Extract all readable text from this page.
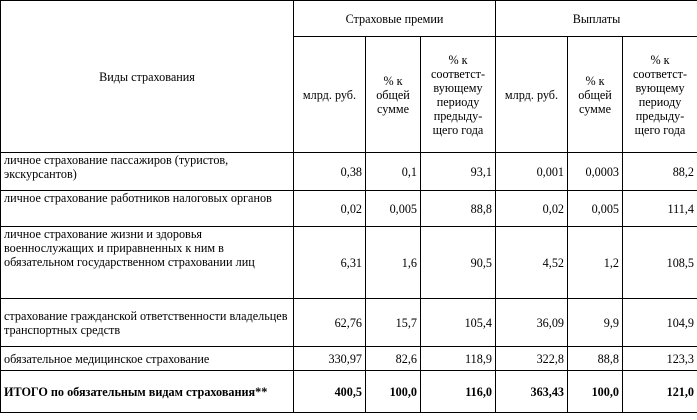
Виды страхования	Страховые премии			Выплаты		
	млрд. руб.	% к общей сумме	% к соответст-вующему периоду предыду-щего года	млрд. руб.	% к общей сумме	% к соответст-вующему периоду предыду-щего года
личное страхование пассажиров (туристов, экскурсантов)	0,38	0,1	93,1	0,001	0,0003	88,2
личное страхование работников налоговых органов	0,02	0,005	88,8	0,02	0,005	111,4
личное страхование жизни и здоровья военнослужащих и приравненных к ним в обязательном государственном страховании лиц	6,31	1,6	90,5	4,52	1,2	108,5
страхование гражданской ответственности владельцев транспортных средств	62,76	15,7	105,4	36,09	9,9	104,9
обязательное медицинское страхование	330,97	82,6	118,9	322,8	88,8	123,3
ИТОГО по обязательным видам страхования**	400,5	100,0	116,0	363,43	100,0	121,0
